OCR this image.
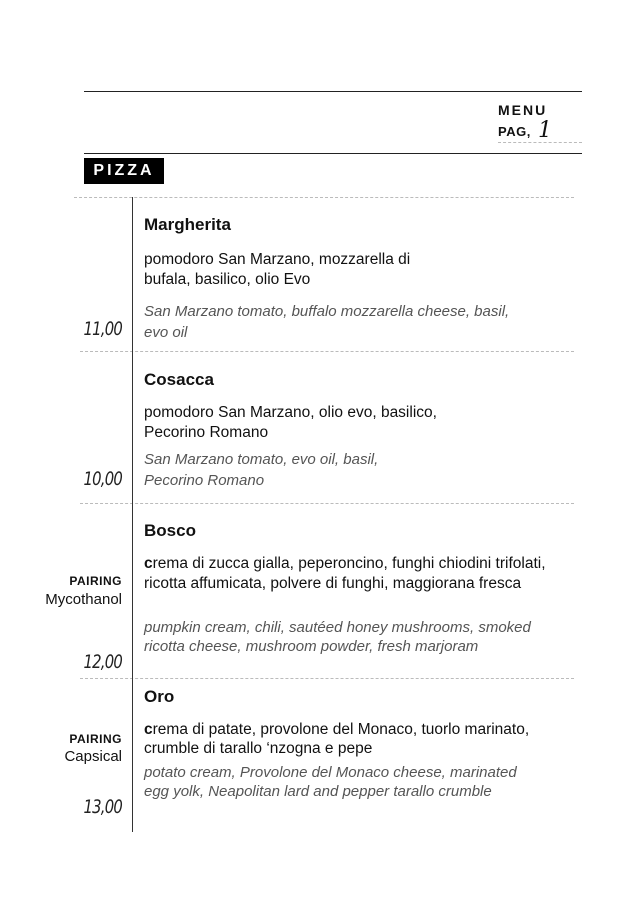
MENU
PAG, 1
PIZZA
Margherita
pomodoro San Marzano, mozzarella di bufala, basilico, olio Evo
San Marzano tomato, buffalo mozzarella cheese, basil, evo oil
11,00
Cosacca
pomodoro San Marzano, olio evo, basilico, Pecorino Romano
San Marzano tomato, evo oil, basil, Pecorino Romano
10,00
Bosco
PAIRING
Mycothanol
crema di zucca gialla, peperoncino, funghi chiodini trifolati, ricotta affumicata, polvere di funghi, maggiorana fresca
pumpkin cream, chili, sautéed honey mushrooms, smoked ricotta cheese, mushroom powder, fresh marjoram
12,00
Oro
PAIRING
Capsical
crema di patate, provolone del Monaco, tuorlo marinato, crumble di tarallo ‘nzogna e pepe
potato cream, Provolone del Monaco cheese, marinated egg yolk, Neapolitan lard and pepper tarallo crumble
13,00
